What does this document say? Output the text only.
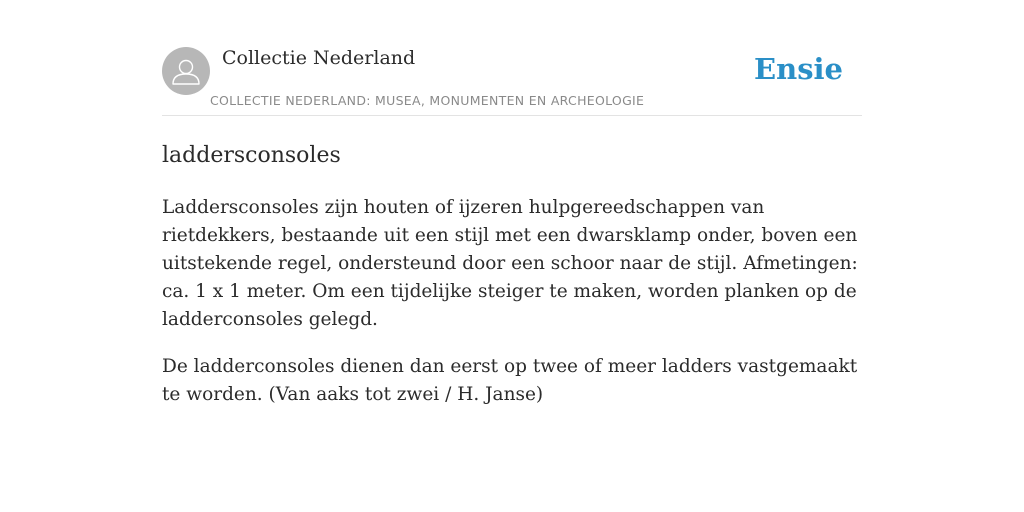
Collectie Nederland
COLLECTIE NEDERLAND: MUSEA, MONUMENTEN EN ARCHEOLOGIE
Ensie
laddersconsoles

Laddersconsoles zijn houten of ijzeren hulpgereedschappen van rietdekkers, bestaande uit een stijl met een dwarsklamp onder, boven een uitstekende regel, ondersteund door een schoor naar de stijl. Afmetingen: ca. 1 x 1 meter. Om een tijdelijke steiger te maken, worden planken op de ladderconsoles gelegd.

De ladderconsoles dienen dan eerst op twee of meer ladders vastgemaakt te worden. (Van aaks tot zwei / H. Janse)
